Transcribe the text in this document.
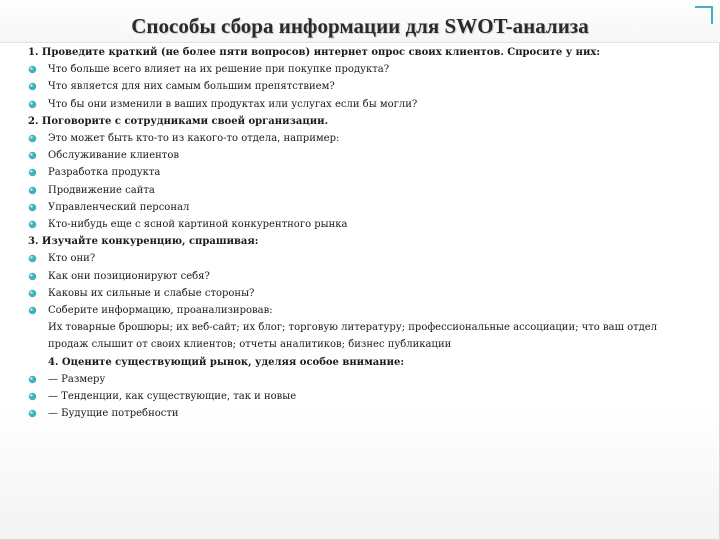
Способы сбора информации для SWOT-анализа
1. Проведите краткий (не более пяти вопросов) интернет опрос своих клиентов. Спросите у них:
Что больше всего влияет на их решение при покупке продукта?
Что является для них самым большим препятствием?
Что бы они изменили в ваших продуктах или услугах если бы могли?
2. Поговорите с сотрудниками своей организации.
Это может быть кто-то из какого-то отдела, например:
Обслуживание клиентов
Разработка продукта
Продвижение сайта
Управленческий персонал
Кто-нибудь еще с ясной картиной конкурентного рынка
3. Изучайте конкуренцию, спрашивая:
Кто они?
Как они позиционируют себя?
Каковы их сильные и слабые стороны?
Соберите информацию, проанализировав:
Их товарные брошюры; их веб-сайт; их блог; торговую литературу; профессиональные ассоциации; что ваш отдел продаж слышит от своих клиентов; отчеты аналитиков; бизнес публикации
4. Оцените существующий рынок, уделяя особое внимание:
— Размеру
— Тенденции, как существующие, так и новые
— Будущие потребности
